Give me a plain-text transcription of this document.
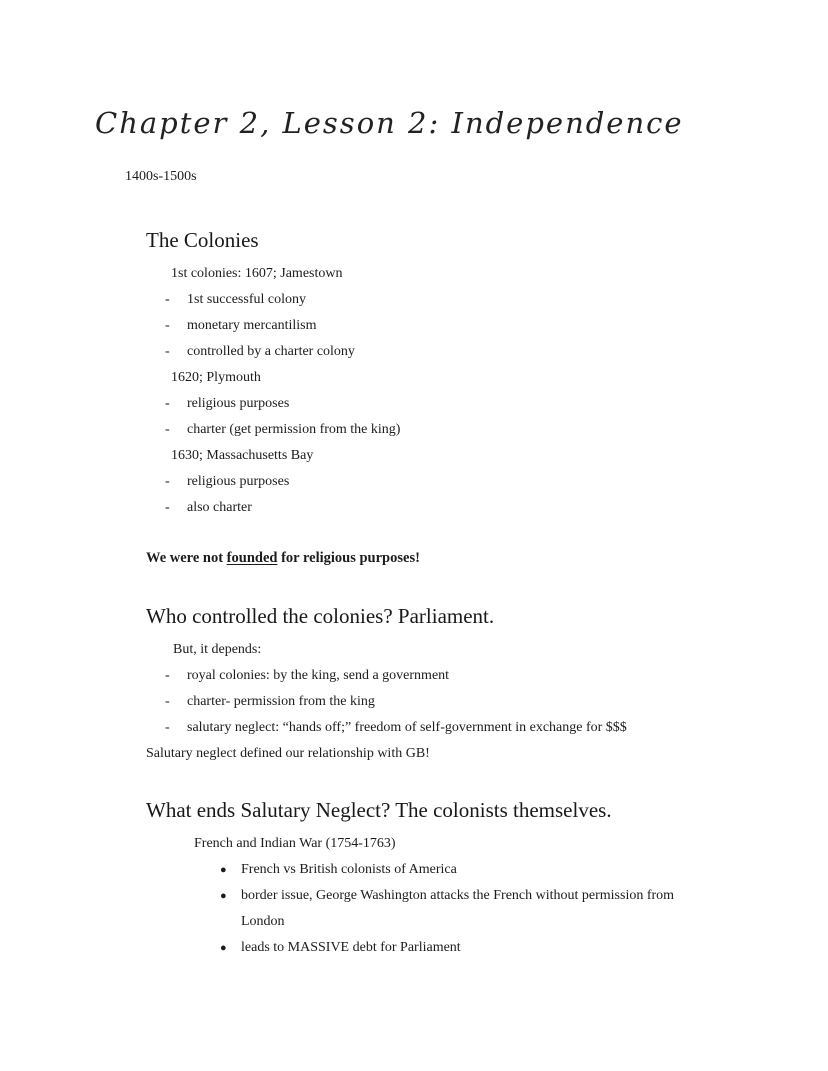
Chapter 2, Lesson 2: Independence
1400s-1500s
The Colonies
1st colonies: 1607; Jamestown
-	1st successful colony
-	monetary mercantilism
-	controlled by a charter colony
1620; Plymouth
-	religious purposes
-	charter (get permission from the king)
1630; Massachusetts Bay
-	religious purposes
-	also charter
We were not founded for religious purposes!
Who controlled the colonies? Parliament.
But, it depends:
-	royal colonies: by the king, send a government
-	charter- permission from the king
-	salutary neglect: “hands off;” freedom of self-government in exchange for $$$
Salutary neglect defined our relationship with GB!
What ends Salutary Neglect? The colonists themselves.
French and Indian War (1754-1763)
●	French vs British colonists of America
●	border issue, George Washington attacks the French without permission from London
●	leads to MASSIVE debt for Parliament
